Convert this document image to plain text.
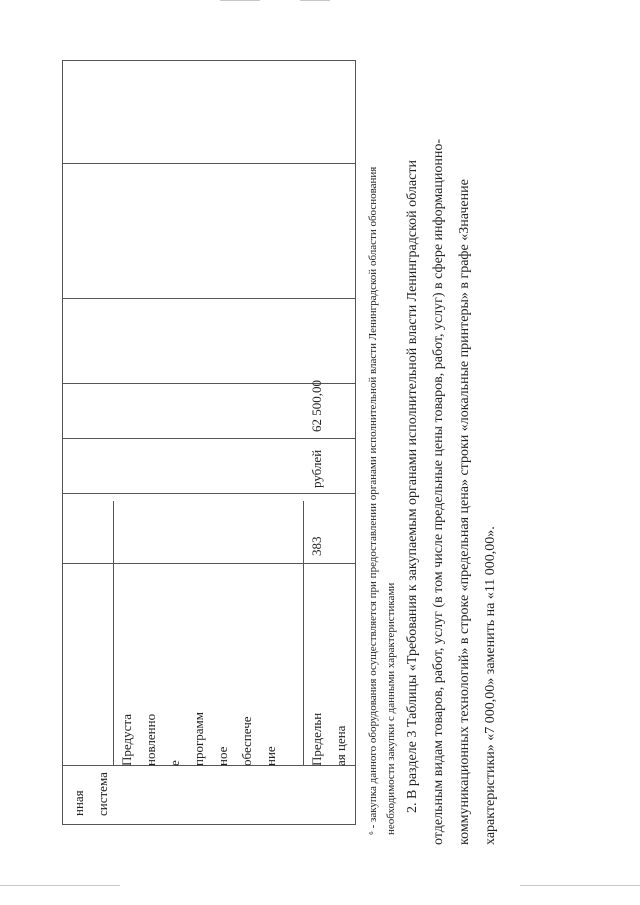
нная система
Предуста новленно е программ ное обеспече ние	Предельн ая цена
383
рублей
62 500,00	⁶ - закупка данного оборудования осуществляется при предоставлении органами исполнительной власти Ленинградской области обоснования необходимости закупки с данными характеристиками 2. В разделе 3 Таблицы «Требования к закупаемым органами исполнительной власти Ленинградской области отдельным видам товаров, работ, услуг (в том числе предельные цены товаров, работ, услуг) в сфере информационно- коммуникационных технологий» в строке «предельная цена» строки «локальные принтеры» в графе «Значение характеристики» «7 000,00» заменить на «11 000,00».
